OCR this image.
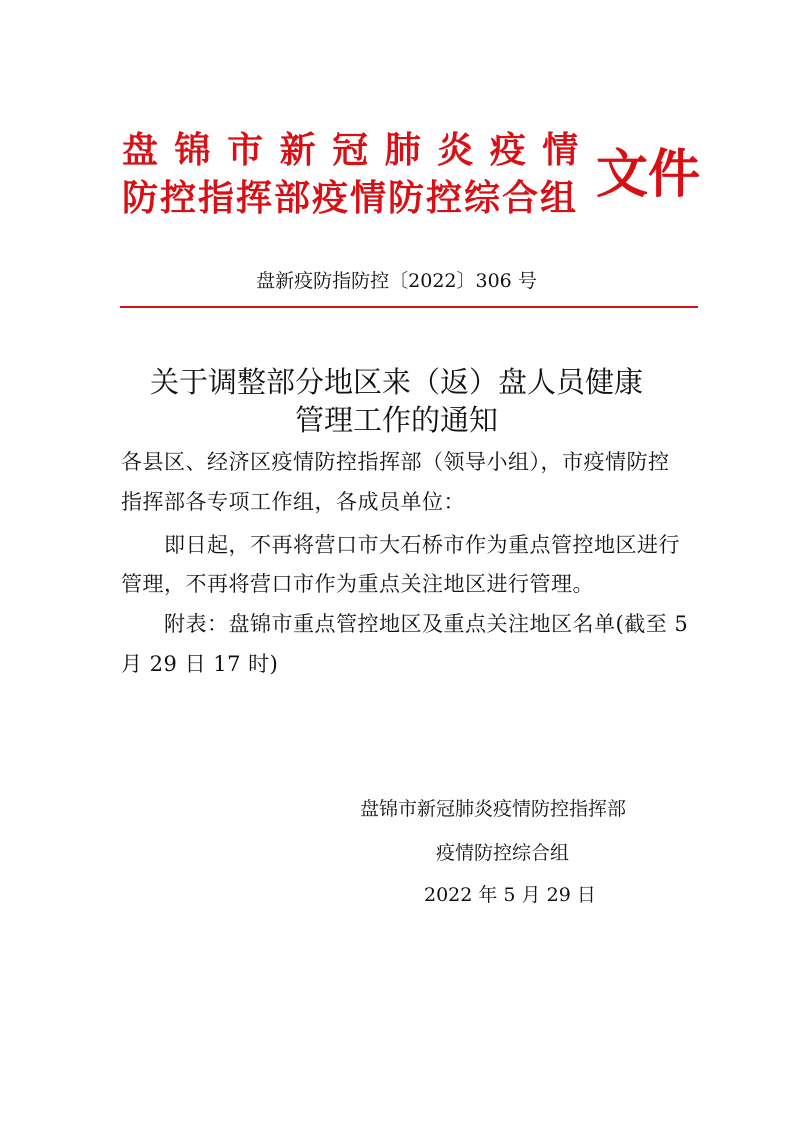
盘 锦 市 新 冠 肺 炎 疫 情
防控指挥部疫情防控综合组 文件
盘新疫防指防控〔2022〕306 号
关于调整部分地区来（返）盘人员健康
管理工作的通知
各县区、经济区疫情防控指挥部（领导小组），市疫情防控
指挥部各专项工作组，各成员单位：
即日起，不再将营口市大石桥市作为重点管控地区进行
管理，不再将营口市作为重点关注地区进行管理。
附表：盘锦市重点管控地区及重点关注地区名单(截至 5
月 29 日 17 时)
盘锦市新冠肺炎疫情防控指挥部
疫情防控综合组
2022 年 5 月 29 日
